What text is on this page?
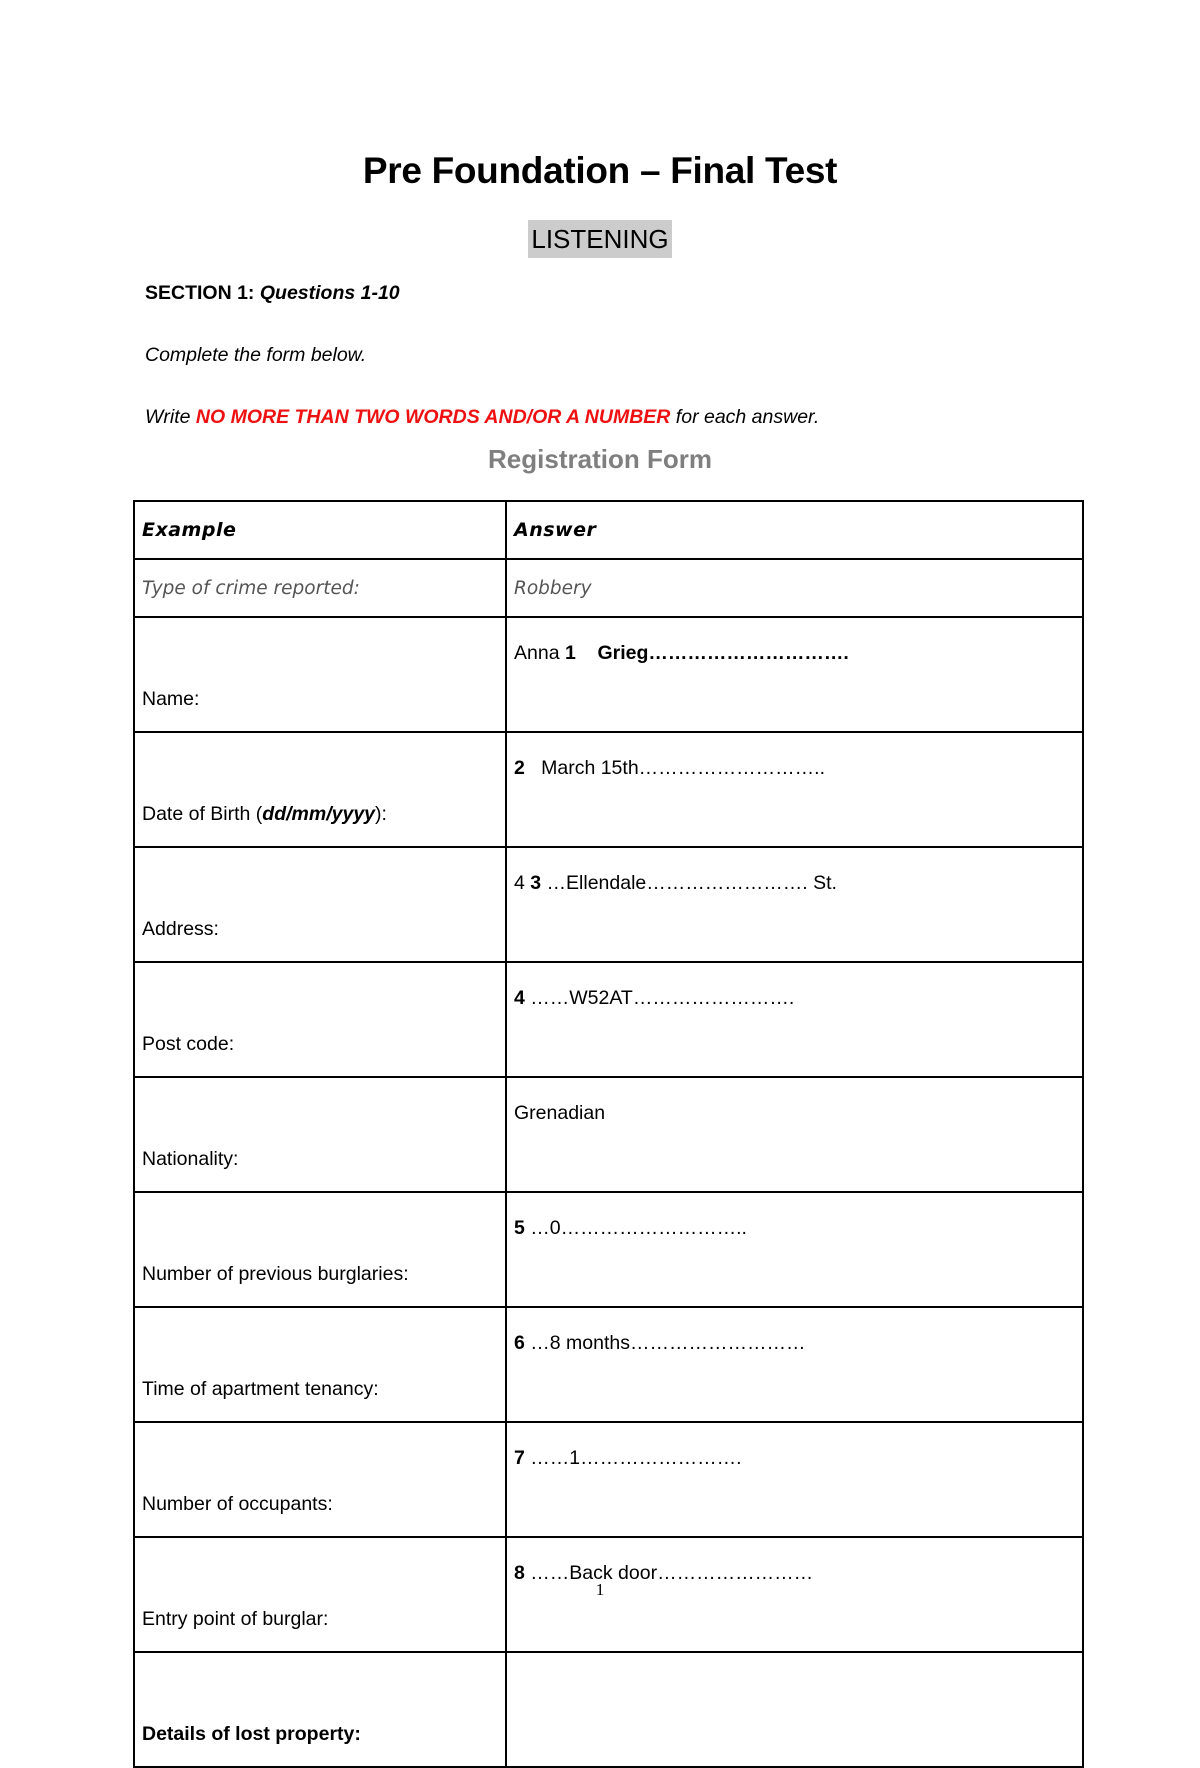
Pre Foundation – Final Test
LISTENING
SECTION 1: Questions 1-10
Complete the form below.
Write NO MORE THAN TWO WORDS AND/OR A NUMBER for each answer.
Registration Form
Example	Answer
Type of crime reported:	Robbery
Name:	Anna 1    Grieg………………………….
Date of Birth (dd/mm/yyyy):	2   March 15th………………………..
Address:	4 3 …Ellendale……………………. St.
Post code:	4 ……W52AT…………………….
Nationality:	Grenadian
Number of previous burglaries:	5 …0………………………..
Time of apartment tenancy:	6 …8 months………………………
Number of occupants:	7 ……1…………………….
Entry point of burglar:	8 ……Back door……………………
Details of lost property:	
1
